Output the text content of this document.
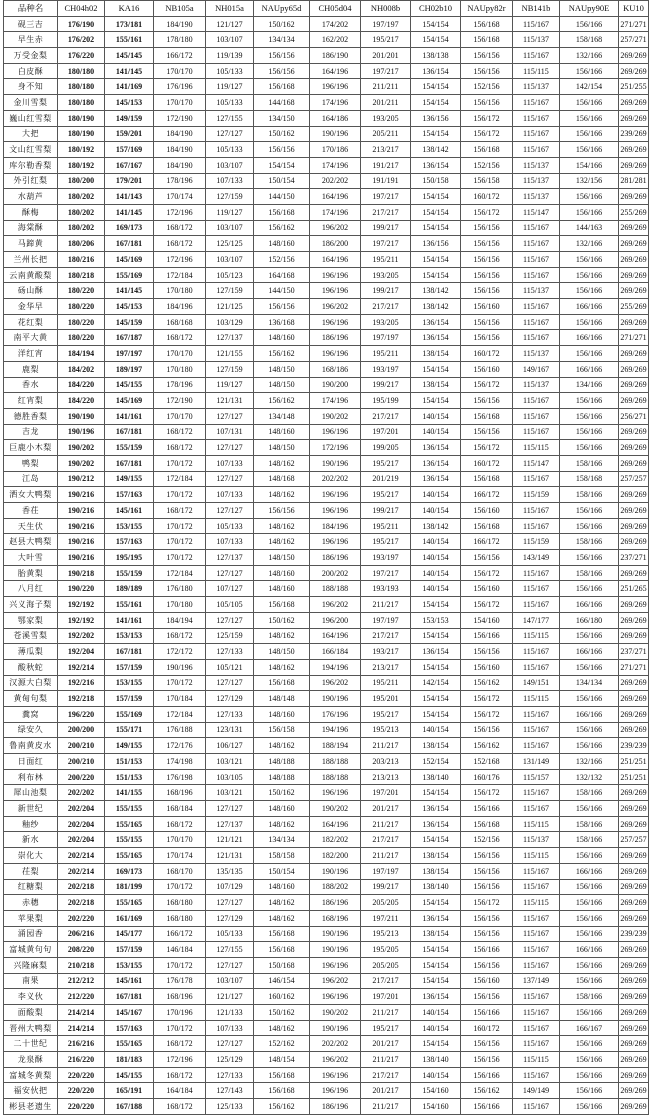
品种名	CH04h02	KA16	NB105a	NH015a	NAUpy65d	CH05d04	NH008b	CH02b10	NAUpy82r	NB141b	NAUpy90E	KU10
砚三吉	176/190	173/181	184/190	121/127	150/162	174/202	197/197	154/154	156/168	115/167	156/166	271/271
早生赤	176/202	155/161	178/180	103/107	134/134	162/202	195/217	154/154	156/168	115/137	158/168	257/271
万受金梨	176/220	145/145	166/172	119/139	156/156	186/190	201/201	138/138	156/156	115/167	132/166	269/269
白皮酥	180/180	141/145	170/170	105/133	156/156	164/196	197/217	136/154	156/156	115/115	156/166	269/269
身不知	180/180	141/169	176/196	119/127	156/168	196/196	211/211	154/154	152/156	115/137	142/154	251/255
金川雪梨	180/180	145/153	170/170	105/133	144/168	174/196	201/211	154/154	156/156	115/167	156/166	269/269
巍山红雪梨	180/190	149/159	172/190	127/155	134/150	164/186	193/205	136/156	156/172	115/167	156/166	269/269
大把	180/190	159/201	184/190	127/127	150/162	190/196	205/211	154/154	156/172	115/167	156/166	239/269
文山红雪梨	180/192	157/169	184/190	105/133	156/156	170/186	213/217	138/142	156/168	115/167	156/166	269/269
库尔勒香梨	180/192	167/167	184/190	103/107	154/154	174/196	191/217	136/154	152/156	115/137	154/166	269/269
外引红梨	180/200	179/201	178/196	107/133	150/154	202/202	191/191	150/158	156/158	115/137	132/156	281/281
水葫芦	180/202	141/143	170/174	127/159	144/150	164/196	197/217	154/154	160/172	115/137	156/166	269/269
酥梅	180/202	141/145	172/196	119/127	156/168	174/196	217/217	154/154	156/172	115/147	156/166	255/269
海棠酥	180/202	169/173	168/172	103/107	156/162	196/202	199/217	154/154	156/156	115/167	144/163	269/269
马蹄黄	180/206	167/181	168/172	125/125	148/160	186/200	197/217	136/156	156/156	115/167	132/166	269/269
兰州长把	180/216	145/169	172/196	103/107	152/156	164/196	195/211	154/154	156/156	115/167	156/166	269/269
云南黄酸梨	180/218	155/169	172/184	105/123	164/168	196/196	193/205	154/154	156/156	115/167	156/166	269/269
砀山酥	180/220	141/145	170/180	127/159	144/150	196/196	199/217	138/142	156/156	115/137	156/166	269/269
金华早	180/220	145/153	184/196	121/125	156/156	196/202	217/217	138/142	156/160	115/167	166/166	255/269
花红梨	180/220	145/159	168/168	103/129	136/168	196/196	193/205	136/154	156/156	115/167	156/166	269/269
南平大黄	180/220	167/187	168/172	127/137	148/160	186/196	197/197	136/154	156/156	115/167	166/166	271/271
洋红宵	184/194	197/197	170/170	121/155	156/162	196/196	195/211	138/154	160/172	115/137	156/166	269/269
鹿梨	184/202	189/197	170/180	127/159	148/150	168/186	193/197	154/154	156/160	149/167	166/166	269/269
香水	184/220	145/155	178/196	119/127	148/150	190/200	199/217	138/154	156/172	115/137	134/166	269/269
红宵梨	184/220	145/169	172/190	121/131	156/162	174/196	195/199	154/154	156/156	115/167	156/166	269/269
德胜香梨	190/190	141/161	170/170	127/127	134/148	190/202	217/217	140/154	156/168	115/167	156/166	256/271
吉龙	190/196	167/181	168/172	107/131	148/160	196/196	197/201	140/154	156/156	115/167	156/166	269/269
巨鹿小木梨	190/202	155/159	168/172	127/127	148/150	172/196	199/205	136/154	156/172	115/115	156/166	269/269
鸭梨	190/202	167/181	170/172	107/133	148/162	190/196	195/217	136/154	160/172	115/147	158/166	269/269
江岛	190/212	149/155	172/184	127/127	148/168	202/202	201/219	136/154	156/168	115/167	158/168	257/257
洒女大鸭梨	190/216	157/163	170/172	107/133	148/162	196/196	195/217	140/154	166/172	115/159	158/166	269/269
香茌	190/216	145/161	168/172	127/127	156/156	196/196	199/217	140/154	156/160	115/167	156/166	269/269
天生伏	190/216	153/155	170/172	105/133	148/162	184/196	195/211	138/142	156/168	115/167	156/166	269/269
赵县大鸭梨	190/216	157/163	170/172	107/133	148/162	196/196	195/217	140/154	166/172	115/159	158/166	269/269
大叶雪	190/216	195/195	170/172	127/137	148/150	186/196	193/197	140/154	156/156	143/149	156/166	237/271
胎黄梨	190/218	155/159	172/184	127/127	148/160	200/202	197/217	140/154	156/172	115/167	158/166	269/269
八月红	190/220	189/189	176/180	107/127	148/160	188/188	193/193	140/154	156/160	115/167	156/166	251/265
兴义海子梨	192/192	155/161	170/180	105/105	156/168	196/202	211/217	154/154	156/172	115/167	166/166	269/269
鄂家梨	192/192	141/161	184/194	127/127	150/162	196/200	197/197	153/153	154/160	147/177	166/180	269/269
苍溪雪梨	192/202	153/153	168/172	125/159	148/162	164/196	217/217	154/154	156/166	115/115	156/166	269/269
薄瓜梨	192/204	167/181	172/172	127/133	148/150	166/184	193/217	136/154	156/156	115/167	166/166	237/271
酸秋蛇	192/214	157/159	190/196	105/121	148/162	194/196	213/217	154/154	156/160	115/167	156/166	271/271
汉源大白梨	192/216	153/155	170/172	127/127	156/168	196/202	195/211	142/154	156/162	149/151	134/134	269/269
黄甸句梨	192/218	157/159	170/184	127/129	148/148	190/196	195/201	154/154	156/172	115/115	156/166	269/269
糞窝	196/220	155/169	172/184	127/133	148/160	176/196	195/217	154/154	156/172	115/167	166/166	269/269
绿安久	200/200	155/171	176/188	123/131	156/158	194/196	195/213	140/154	156/156	115/167	156/166	269/269
鲁南黄皮水	200/210	149/155	172/176	106/127	148/162	188/194	211/217	138/154	156/162	115/167	156/166	239/239
日面红	200/210	151/153	174/198	103/121	148/188	188/188	203/213	152/154	152/168	131/149	132/166	251/251
利布林	200/220	151/153	176/198	103/105	148/188	188/188	213/213	138/140	160/176	115/157	132/132	251/251
犀山池梨	202/202	141/155	168/196	103/121	150/162	196/196	197/201	154/154	156/172	115/167	158/166	269/269
新世纪	202/204	155/155	168/184	127/127	148/160	190/202	201/217	136/154	156/166	115/167	156/166	269/269
釉纱	202/204	155/165	168/172	127/137	148/162	164/196	211/217	136/154	156/168	115/115	158/166	269/269
新水	202/204	155/155	170/170	121/121	134/134	182/202	217/217	154/154	152/156	115/137	158/166	257/257
崇化大	202/214	155/165	170/174	121/131	158/158	182/200	211/217	138/154	156/156	115/115	156/166	269/269
茌梨	202/214	169/173	168/170	135/135	150/154	190/196	197/197	138/154	156/156	115/167	166/166	269/269
红糖梨	202/218	181/199	170/172	107/129	148/160	188/202	199/217	138/140	156/156	115/167	156/166	269/269
赤穗	202/218	155/165	168/180	127/127	148/162	186/196	205/205	154/154	156/172	115/115	156/166	269/269
苹果梨	202/220	161/169	168/180	127/129	148/162	168/196	197/211	136/154	156/156	115/167	156/166	269/269
涌园香	206/216	145/177	166/172	105/133	156/168	190/196	195/213	138/154	156/156	115/167	156/166	239/239
富城黄句句	208/220	157/159	146/184	127/155	156/168	190/196	195/205	154/154	156/166	115/167	166/166	269/269
兴隆麻梨	210/218	153/155	170/172	127/127	150/168	196/196	205/205	154/154	156/156	115/167	156/166	269/269
南果	212/212	145/161	176/178	103/107	146/154	196/202	217/217	154/154	156/160	137/149	156/166	269/269
李义伙	212/220	167/181	168/196	121/127	160/162	196/196	197/201	136/154	156/156	115/167	158/166	269/269
面酸梨	214/214	145/167	170/196	121/133	150/162	190/202	211/217	140/154	156/166	115/167	156/166	269/269
晋州大鸭梨	214/214	157/163	170/172	107/133	148/162	190/196	195/217	140/154	160/172	115/167	166/167	269/269
二十世纪	216/216	155/165	168/172	127/127	152/162	202/202	201/217	154/154	156/156	115/167	156/166	269/269
龙泉酥	216/220	181/183	172/196	125/129	148/154	196/202	211/217	138/140	156/156	115/115	156/166	269/269
富城冬黄梨	220/220	145/155	168/172	127/133	156/168	196/196	217/217	140/154	156/166	115/167	156/166	269/269
福安伙把	220/220	165/191	164/184	127/143	156/168	196/196	201/217	154/160	156/162	149/149	156/166	269/269
彬县老遗生	220/220	167/188	168/172	125/133	156/162	186/196	211/217	154/160	156/166	115/167	156/166	269/269
